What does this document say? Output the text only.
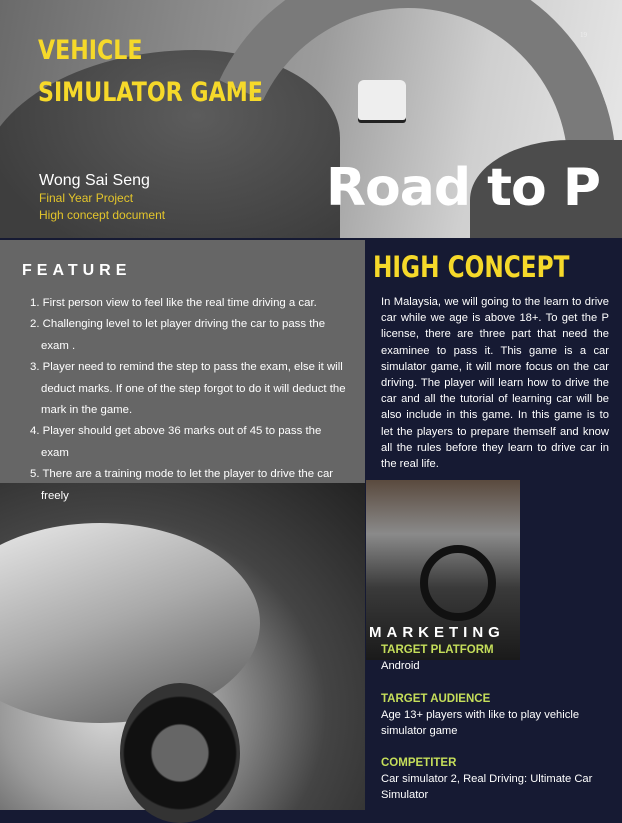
VEHICLE
SIMULATOR GAME
19
Wong Sai Seng
Final Year Project
High concept document	Road to P
FEATURE
1. First person view to feel like the real time driving a car.
2. Challenging level to let player driving the car to pass the exam .
3. Player need to remind the step to pass the exam, else it will deduct marks. If one of the step forgot to do it will deduct the mark in the game.
4. Player should get above 36 marks out of 45 to pass the exam
5. There are a training mode to let the player to drive the car freely
HIGH CONCEPT
In Malaysia, we will going to the learn to drive car while we age is above 18+. To get the P license, there are three part that need the examinee to pass it. This game is a car simulator game, it will more focus on the car driving. The player will learn how to drive the car and all the tutorial of learning car will be also include in this game. In this game is to let the players to prepare themself and know all the rules before they learn to drive car in the real life.
MARKETING
TARGET PLATFORM
Android
TARGET AUDIENCE
Age 13+ players with like to play vehicle simulator game
COMPETITER
Car simulator 2, Real Driving: Ultimate Car Simulator
